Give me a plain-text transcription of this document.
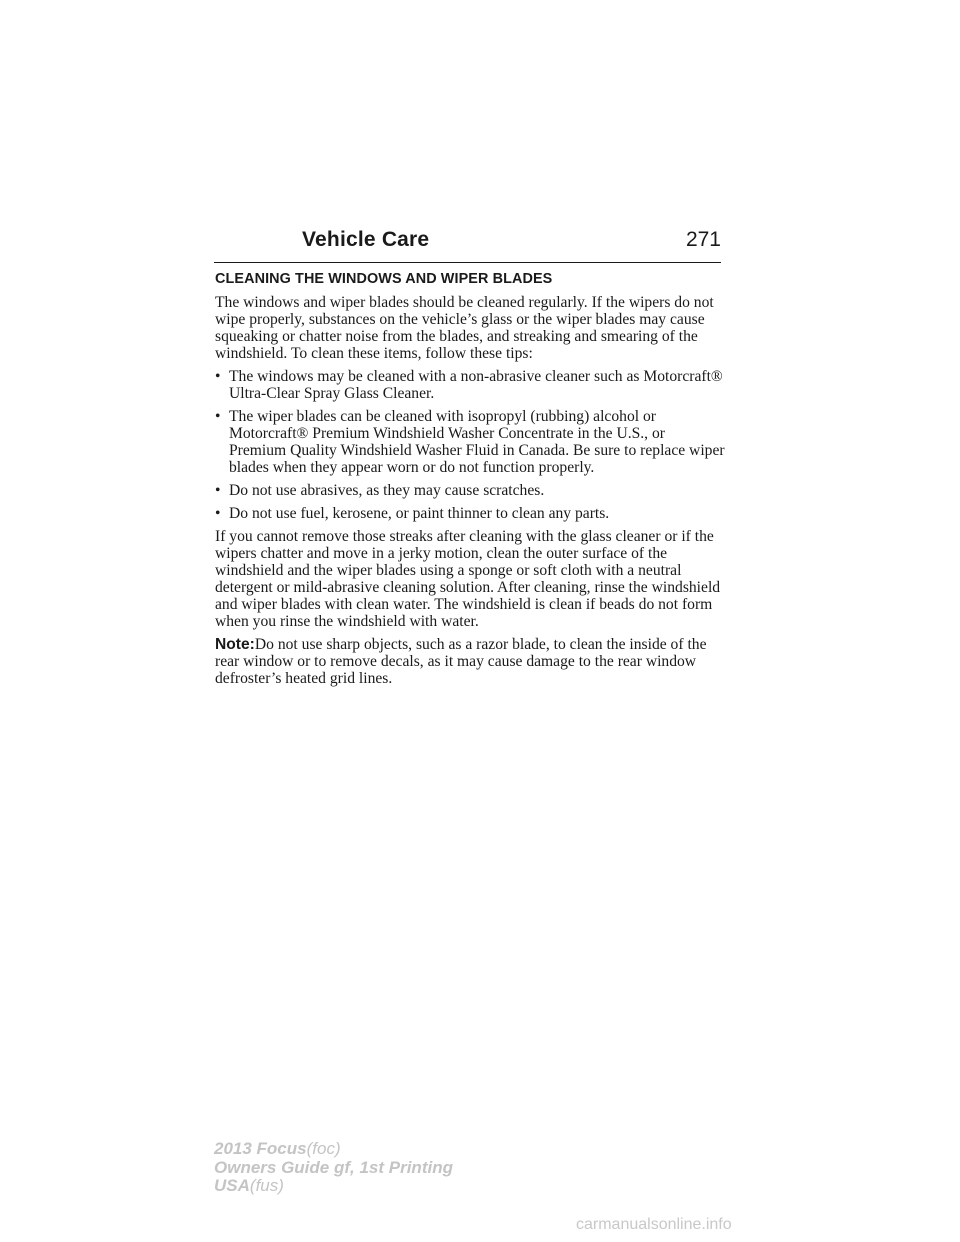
Vehicle Care	271
CLEANING THE WINDOWS AND WIPER BLADES

The windows and wiper blades should be cleaned regularly. If the wipers do not wipe properly, substances on the vehicle’s glass or the wiper blades may cause squeaking or chatter noise from the blades, and streaking and smearing of the windshield. To clean these items, follow these tips:

• The windows may be cleaned with a non-abrasive cleaner such as Motorcraft® Ultra-Clear Spray Glass Cleaner.
• The wiper blades can be cleaned with isopropyl (rubbing) alcohol or Motorcraft® Premium Windshield Washer Concentrate in the U.S., or Premium Quality Windshield Washer Fluid in Canada. Be sure to replace wiper blades when they appear worn or do not function properly.
• Do not use abrasives, as they may cause scratches.
• Do not use fuel, kerosene, or paint thinner to clean any parts.

If you cannot remove those streaks after cleaning with the glass cleaner or if the wipers chatter and move in a jerky motion, clean the outer surface of the windshield and the wiper blades using a sponge or soft cloth with a neutral detergent or mild-abrasive cleaning solution. After cleaning, rinse the windshield and wiper blades with clean water. The windshield is clean if beads do not form when you rinse the windshield with water.

Note:Do not use sharp objects, such as a razor blade, to clean the inside of the rear window or to remove decals, as it may cause damage to the rear window defroster’s heated grid lines.

2013 Focus(foc)
Owners Guide gf, 1st Printing
USA(fus)
carmanualsonline.info
